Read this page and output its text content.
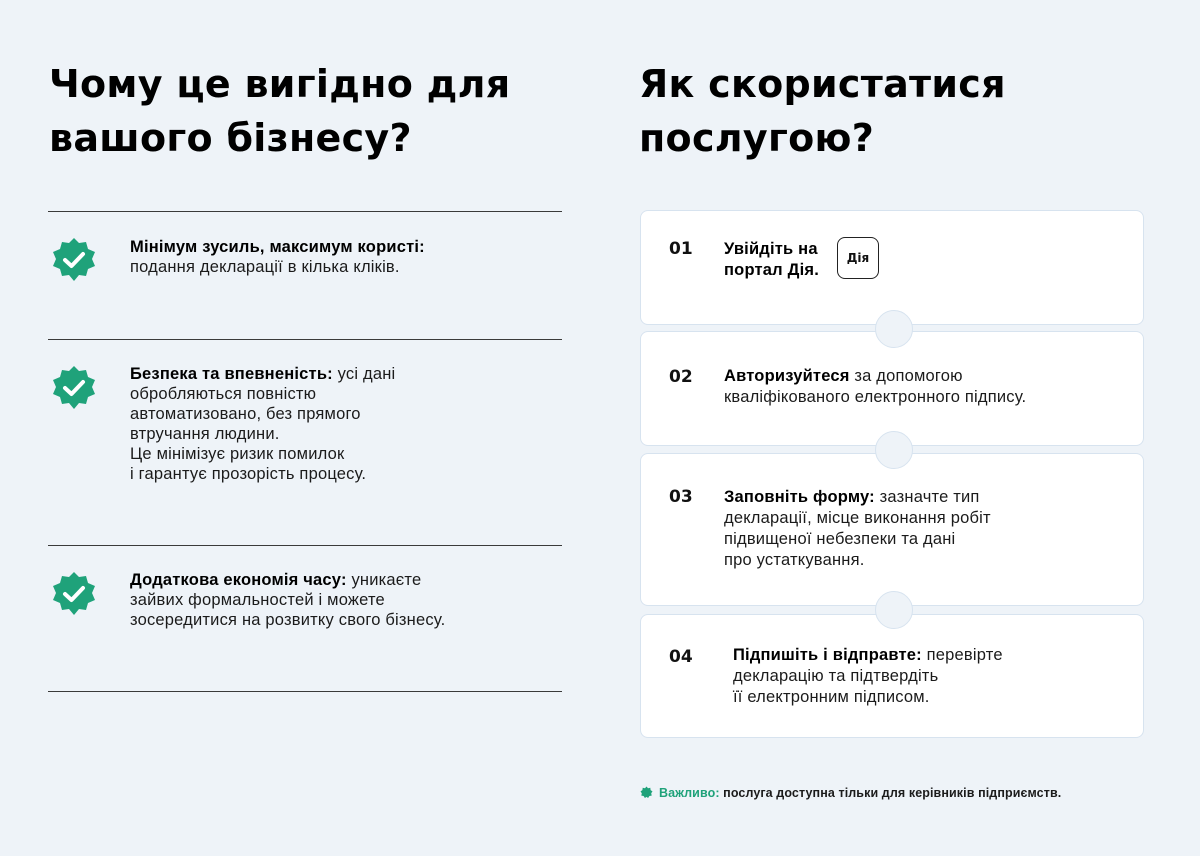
Чому це вигідно для вашого бізнесу?
Як скористатися послугою?
Мінімум зусиль, максимум користі:
подання декларації в кілька кліків.
Безпека та впевненість: усі дані
обробляються повністю
автоматизовано, без прямого
втручання людини.
Це мінімізує ризик помилок
і гарантує прозорість процесу.
Додаткова економія часу: уникаєте
зайвих формальностей і можете
зосередитися на розвитку свого бізнесу.
01 Увійдіть на
портал Дія.
Дія
02 Авторизуйтеся за допомогою
кваліфікованого електронного підпису.
03 Заповніть форму: зазначте тип
декларації, місце виконання робіт
підвищеної небезпеки та дані
про устаткування.
04 Підпишіть і відправте: перевірте
декларацію та підтвердіть
її електронним підписом.
Важливо: послуга доступна тільки для керівників підприємств.
